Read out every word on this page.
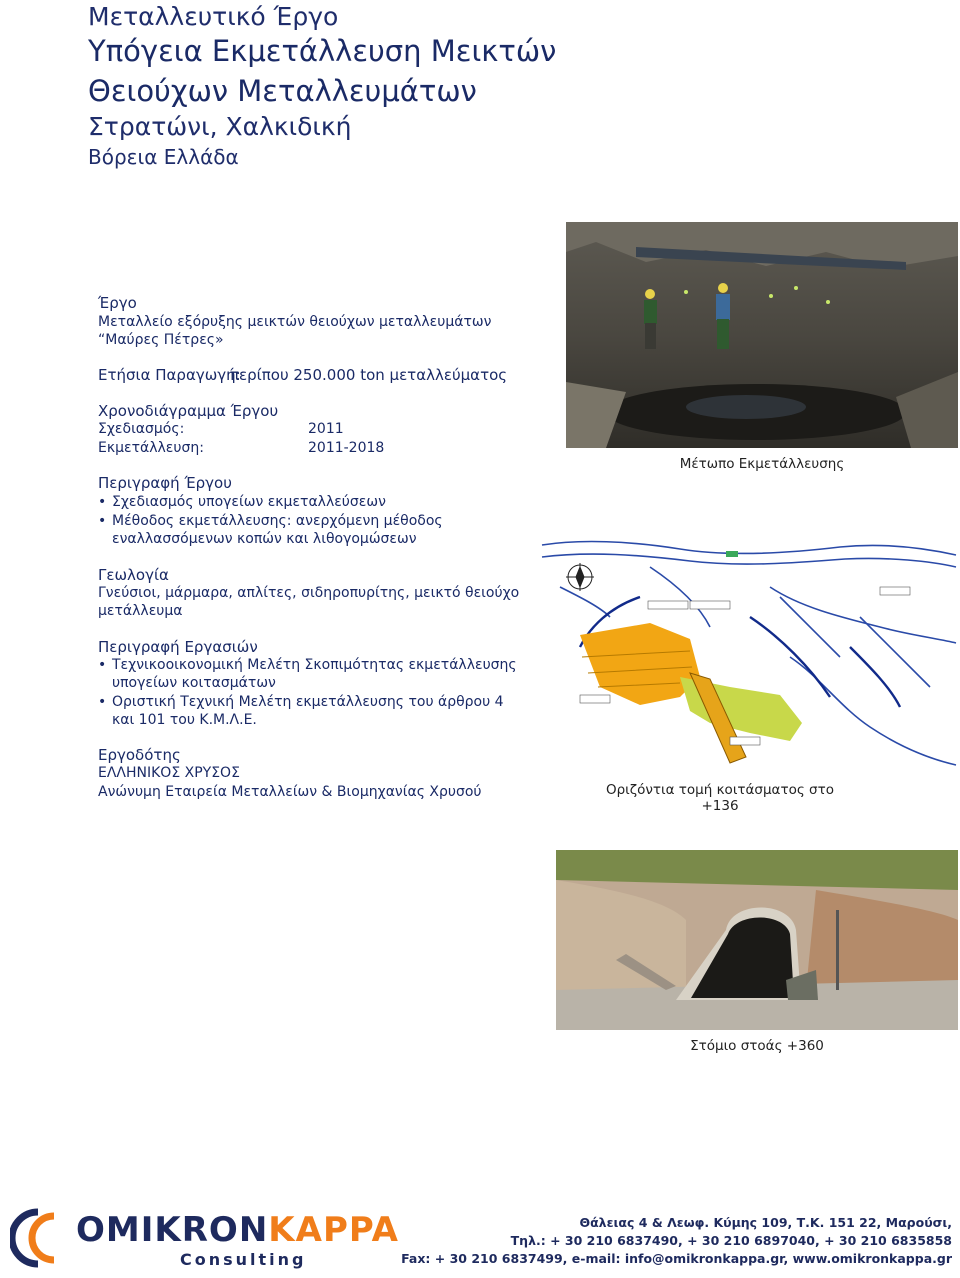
Μεταλλευτικό Έργο
Υπόγεια Εκμετάλλευση Μεικτών
Θειούχων Μεταλλευμάτων
Στρατώνι, Χαλκιδική
Βόρεια Ελλάδα
Έργο
Μεταλλείο εξόρυξης μεικτών θειούχων μεταλλευμάτων
“Μαύρες Πέτρες»
Ετήσια Παραγωγή:
περίπου 250.000 ton μεταλλεύματος
Χρονοδιάγραμμα Έργου
Σχεδιασμός:	2011
Εκμετάλλευση:	2011-2018
Περιγραφή Έργου
• Σχεδιασμός υπογείων εκμεταλλεύσεων
• Μέθοδος εκμετάλλευσης: ανερχόμενη μέθοδος
εναλλασσόμενων κοπών και λιθογομώσεων
Γεωλογία
Γνεύσιοι, μάρμαρα, απλίτες, σιδηροπυρίτης, μεικτό θειούχο
μετάλλευμα
Περιγραφή Εργασιών
• Τεχνικοοικονομική Μελέτη Σκοπιμότητας εκμετάλλευσης
υπογείων κοιτασμάτων
• Οριστική Τεχνική Μελέτη εκμετάλλευσης του άρθρου 4
και 101 του Κ.Μ.Λ.Ε.
Εργοδότης
ΕΛΛΗΝΙΚΟΣ ΧΡΥΣΟΣ
Ανώνυμη Εταιρεία Μεταλλείων & Βιομηχανίας Χρυσού
Μέτωπο Εκμετάλλευσης
Οριζόντια τομή κοιτάσματος στο +136
Στόμιο στοάς +360
OMIKRONKAPPA
Consulting
Θάλειας 4 & Λεωφ. Κύμης 109, Τ.Κ. 151 22, Μαρούσι,
Τηλ.: + 30 210 6837490, + 30 210 6897040, + 30 210 6835858
Fax: + 30 210 6837499, e-mail: info@omikronkappa.gr, www.omikronkappa.gr
